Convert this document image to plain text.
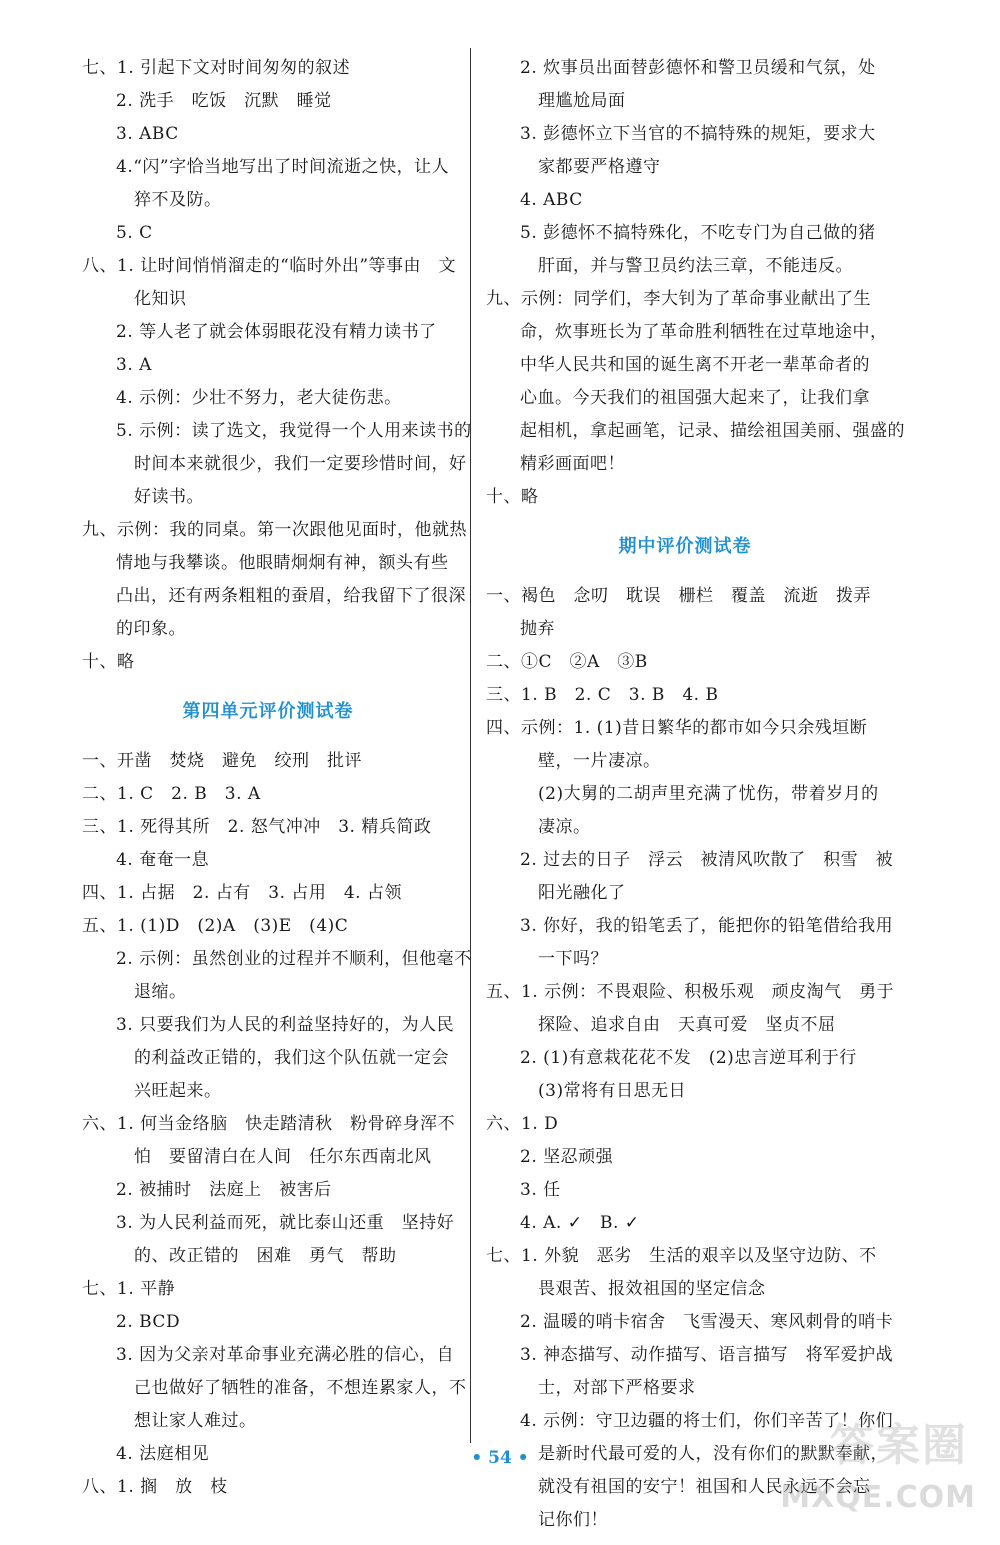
七、1. 引起下文对时间匆匆的叙述
2. 洗手　吃饭　沉默　睡觉
3. ABC
4.“闪”字恰当地写出了时间流逝之快，让人
猝不及防。
5. C
八、1. 让时间悄悄溜走的“临时外出”等事由　文
化知识
2. 等人老了就会体弱眼花没有精力读书了
3. A
4. 示例：少壮不努力，老大徒伤悲。
5. 示例：读了选文，我觉得一个人用来读书的
时间本来就很少，我们一定要珍惜时间，好
好读书。
九、示例：我的同桌。第一次跟他见面时，他就热
情地与我攀谈。他眼睛炯炯有神，额头有些
凸出，还有两条粗粗的蚕眉，给我留下了很深
的印象。
十、略
第四单元评价测试卷
一、开凿　焚烧　避免　绞刑　批评
二、1. C　2. B　3. A
三、1. 死得其所　2. 怒气冲冲　3. 精兵简政
4. 奄奄一息
四、1. 占据　2. 占有　3. 占用　4. 占领
五、1. (1)D　(2)A　(3)E　(4)C
2. 示例：虽然创业的过程并不顺利，但他毫不
退缩。
3. 只要我们为人民的利益坚持好的，为人民
的利益改正错的，我们这个队伍就一定会
兴旺起来。
六、1. 何当金络脑　快走踏清秋　粉骨碎身浑不
怕　要留清白在人间　任尔东西南北风
2. 被捕时　法庭上　被害后
3. 为人民利益而死，就比泰山还重　坚持好
的、改正错的　困难　勇气　帮助
七、1. 平静
2. BCD
3. 因为父亲对革命事业充满必胜的信心，自
己也做好了牺牲的准备，不想连累家人，不
想让家人难过。
4. 法庭相见
八、1. 搁　放　枝
2. 炊事员出面替彭德怀和警卫员缓和气氛，处
理尴尬局面
3. 彭德怀立下当官的不搞特殊的规矩，要求大
家都要严格遵守
4. ABC
5. 彭德怀不搞特殊化，不吃专门为自己做的猪
肝面，并与警卫员约法三章，不能违反。
九、示例：同学们，李大钊为了革命事业献出了生
命，炊事班长为了革命胜利牺牲在过草地途中，
中华人民共和国的诞生离不开老一辈革命者的
心血。今天我们的祖国强大起来了，让我们拿
起相机，拿起画笔，记录、描绘祖国美丽、强盛的
精彩画面吧！
十、略
期中评价测试卷
一、褐色　念叨　耽误　栅栏　覆盖　流逝　拨弄
抛弃
二、①C　②A　③B
三、1. B　2. C　3. B　4. B
四、示例：1. (1)昔日繁华的都市如今只余残垣断
壁，一片凄凉。
(2)大舅的二胡声里充满了忧伤，带着岁月的
凄凉。
2. 过去的日子　浮云　被清风吹散了　积雪　被
阳光融化了
3. 你好，我的铅笔丢了，能把你的铅笔借给我用
一下吗？
五、1. 示例：不畏艰险、积极乐观　顽皮淘气　勇于
探险、追求自由　天真可爱　坚贞不屈
2. (1)有意栽花花不发　(2)忠言逆耳利于行
(3)常将有日思无日
六、1. D
2. 坚忍顽强
3. 任
4. A. ✓　B. ✓
七、1. 外貌　恶劣　生活的艰辛以及坚守边防、不
畏艰苦、报效祖国的坚定信念
2. 温暖的哨卡宿舍　飞雪漫天、寒风刺骨的哨卡
3. 神态描写、动作描写、语言描写　将军爱护战
士，对部下严格要求
4. 示例：守卫边疆的将士们，你们辛苦了！你们
是新时代最可爱的人，没有你们的默默奉献，
就没有祖国的安宁！祖国和人民永远不会忘
记你们！
• 54 •	答案圈
MXQE.COM
